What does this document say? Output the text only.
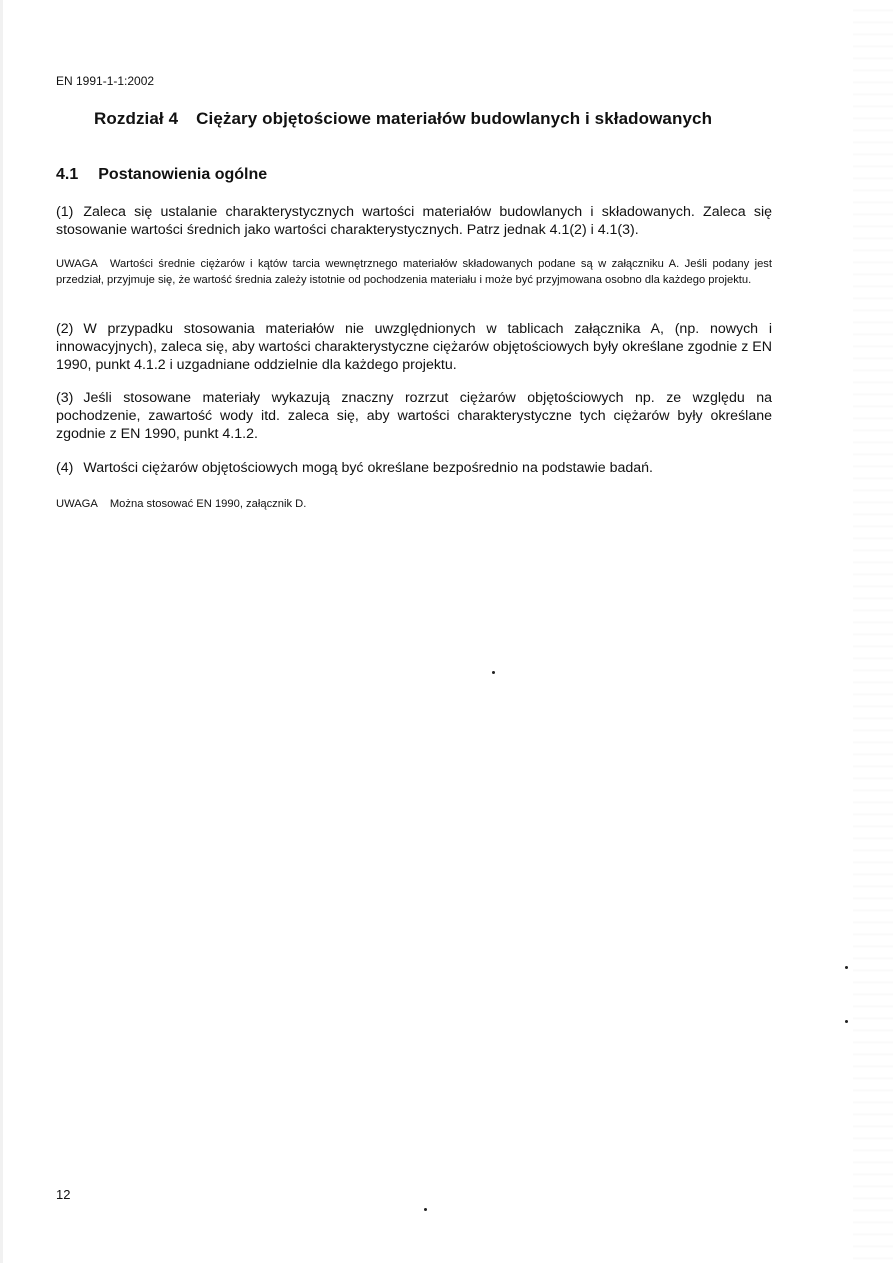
EN 1991-1-1:2002
Rozdział 4 Ciężary objętościowe materiałów budowlanych i składowanych
4.1 Postanowienia ogólne
(1) Zaleca się ustalanie charakterystycznych wartości materiałów budowlanych i składowanych. Zaleca się stosowanie wartości średnich jako wartości charakterystycznych. Patrz jednak 4.1(2) i 4.1(3).
UWAGA Wartości średnie ciężarów i kątów tarcia wewnętrznego materiałów składowanych podane są w załączniku A. Jeśli podany jest przedział, przyjmuje się, że wartość średnia zależy istotnie od pochodzenia materiału i może być przyjmowana osobno dla każdego projektu.
(2) W przypadku stosowania materiałów nie uwzględnionych w tablicach załącznika A, (np. nowych i innowacyjnych), zaleca się, aby wartości charakterystyczne ciężarów objętościowych były określane zgodnie z EN 1990, punkt 4.1.2 i uzgadniane oddzielnie dla każdego projektu.
(3) Jeśli stosowane materiały wykazują znaczny rozrzut ciężarów objętościowych np. ze względu na pochodzenie, zawartość wody itd. zaleca się, aby wartości charakterystyczne tych ciężarów były określane zgodnie z EN 1990, punkt 4.1.2.
(4) Wartości ciężarów objętościowych mogą być określane bezpośrednio na podstawie badań.
UWAGA Można stosować EN 1990, załącznik D.
12
